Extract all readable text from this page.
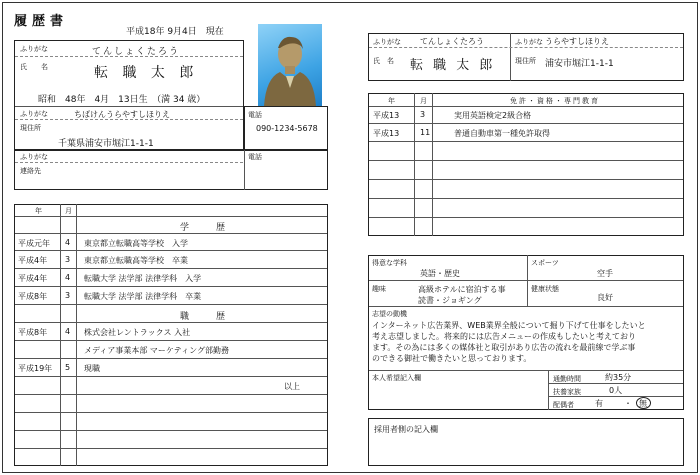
履歴書
平成18年 9月4日　現在
ふりがな	てんしょくたろう
氏　　名	転 職 太 郎
昭和　48年　4月　13日生　（満 34 歳）
ふりがな	ちばけんうらやすしほりえ
現住所
千葉県浦安市堀江1-1-1
電話
090-1234-5678
ふりがな
連絡先
電話
年	月
学　　　歴
平成元年 4 東京都立転職高等学校　入学
平成4年 3 東京都立転職高等学校　卒業
平成4年 4 転職大学 法学部 法律学科　入学
平成8年 3 転職大学 法学部 法律学科　卒業
職　　　歴
平成8年 4 株式会社レントラックス 入社
メディア事業本部 マーケティング部勤務
平成19年 5 現職
以上
ふりがな てんしょくたろう	ふりがな うらやすしほりえ
氏　名 転 職 太 郎	現住所 浦安市堀江1-1-1
年	月	免許・資格・専門教育
平成13	3	実用英語検定2級合格
平成13	11	普通自動車第一種免許取得
得意な学科
英語・歴史
スポーツ
空手
趣味	高級ホテルに宿泊する事
読書・ジョギング
健康状態
良好
志望の動機
インターネット広告業界、WEB業界全般について掘り下げて仕事をしたいと
考え志望しました。将来的には広告メニューの作成もしたいと考えており
ます。その為には多くの媒体社と取引があり広告の流れを最前線で学ぶ事
のできる御社で働きたいと思っております。
本人希望記入欄	通勤時間	約35分
扶養家族	0人
配偶者	有	・ 無
採用者側の記入欄
